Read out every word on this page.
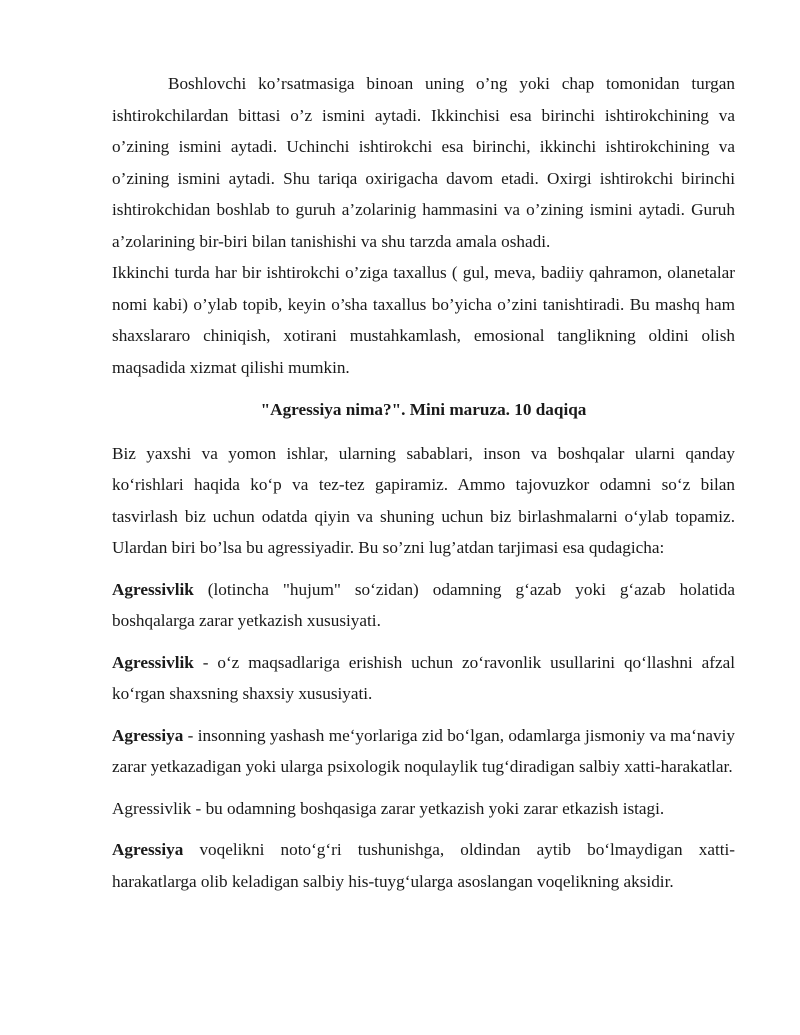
Boshlovchi ko’rsatmasiga binoan uning o’ng yoki chap tomonidan turgan ishtirokchilardan bittasi o’z ismini aytadi. Ikkinchisi esa birinchi ishtirokchining va o’zining ismini aytadi. Uchinchi ishtirokchi esa birinchi, ikkinchi ishtirokchining va o’zining ismini aytadi. Shu tariqa oxirigacha davom etadi. Oxirgi ishtirokchi birinchi ishtirokchidan boshlab to guruh a’zolarinig hammasini va o’zining ismini aytadi. Guruh a’zolarining bir-biri bilan tanishishi va shu tarzda amala oshadi.

Ikkinchi turda har bir ishtirokchi o’ziga taxallus ( gul, meva, badiiy qahramon, olanetalar nomi kabi) o’ylab topib, keyin o’sha taxallus bo’yicha o’zini tanishtiradi. Bu mashq ham shaxslararo chiniqish, xotirani mustahkamlash, emosional tanglikning oldini olish maqsadida xizmat qilishi mumkin.

"Agressiya nima?". Mini maruza. 10 daqiqa

Biz yaxshi va yomon ishlar, ularning sabablari, inson va boshqalar ularni qanday ko‘rishlari haqida ko‘p va tez-tez gapiramiz. Ammo tajovuzkor odamni so‘z bilan tasvirlash biz uchun odatda qiyin va shuning uchun biz birlashmalarni o‘ylab topamiz. Ulardan biri bo’lsa bu agressiyadir. Bu so’zni lug’atdan tarjimasi esa qudagicha:

Agressivlik (lotincha "hujum" so‘zidan) odamning g‘azab yoki g‘azab holatida boshqalarga zarar yetkazish xususiyati.

Agressivlik - o‘z maqsadlariga erishish uchun zo‘ravonlik usullarini qo‘llashni afzal ko‘rgan shaxsning shaxsiy xususiyati.

Agressiya - insonning yashash me‘yorlariga zid bo‘lgan, odamlarga jismoniy va ma‘naviy zarar yetkazadigan yoki ularga psixologik noqulaylik tug‘diradigan salbiy xatti-harakatlar.

Agressivlik - bu odamning boshqasiga zarar yetkazish yoki zarar etkazish istagi.

Agressiya voqelikni noto‘g‘ri tushunishga, oldindan aytib bo‘lmaydigan xatti-harakatlarga olib keladigan salbiy his-tuyg‘ularga asoslangan voqelikning aksidir.
